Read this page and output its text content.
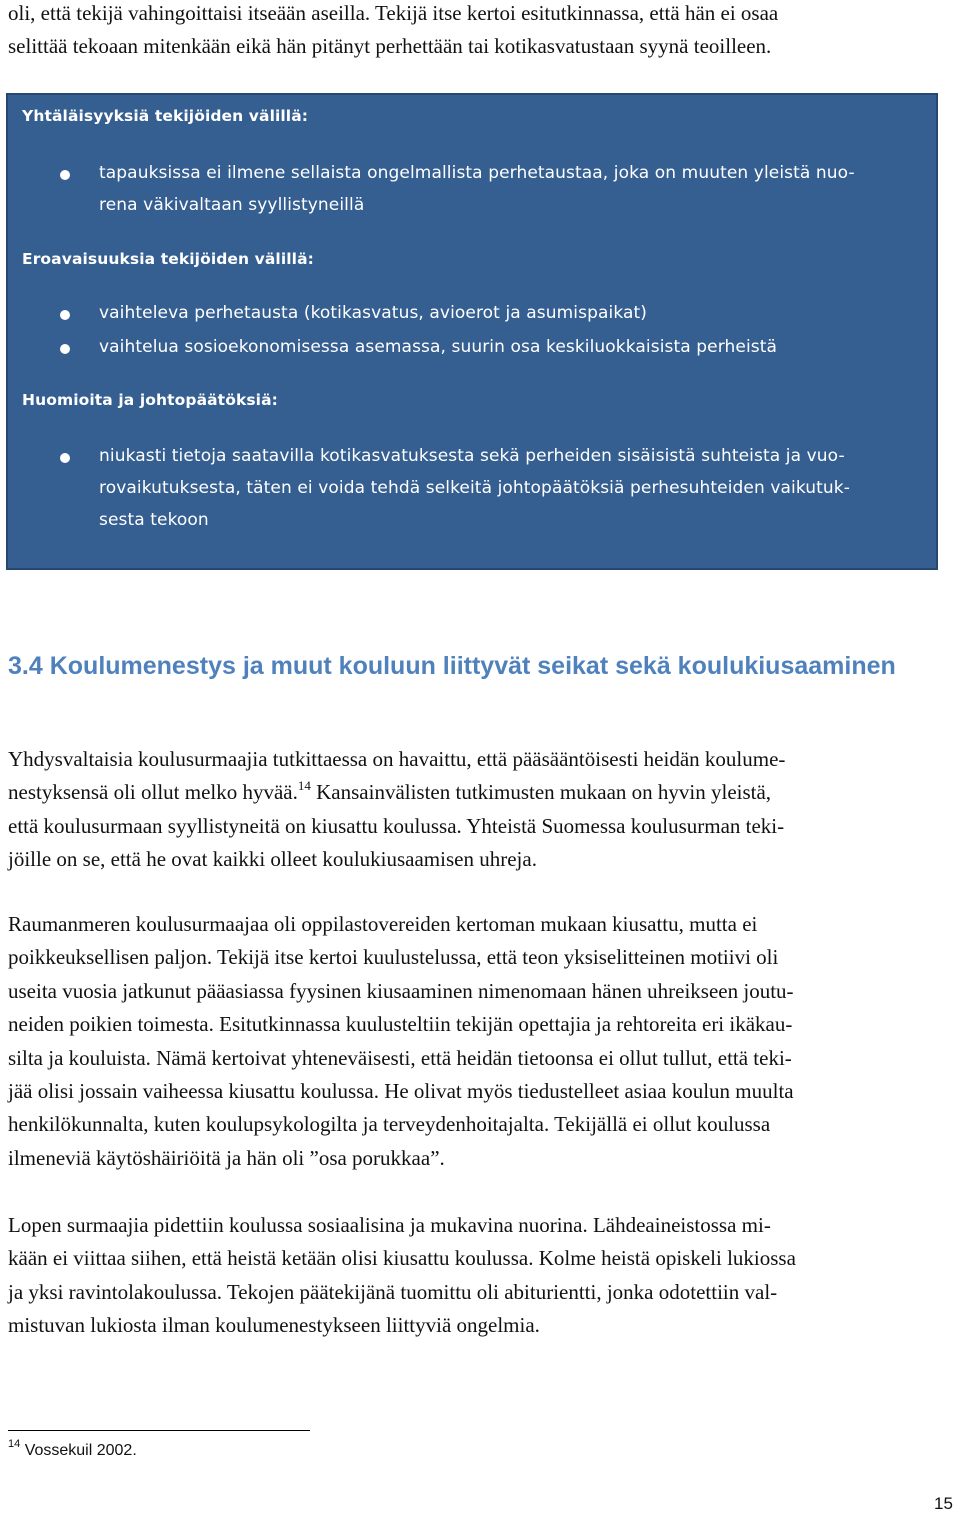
oli, että tekijä vahingoittaisi itseään aseilla. Tekijä itse kertoi esitutkinnassa, että hän ei osaa
selittää tekoaan mitenkään eikä hän pitänyt perhettään tai kotikasvatustaan syynä teoilleen.

Yhtäläisyyksiä tekijöiden välillä:
tapauksissa ei ilmene sellaista ongelmallista perhetaustaa, joka on muuten yleistä nuo-
rena väkivaltaan syyllistyneillä
Eroavaisuuksia tekijöiden välillä:
vaihteleva perhetausta (kotikasvatus, avioerot ja asumispaikat)
vaihtelua sosioekonomisessa asemassa, suurin osa keskiluokkaisista perheistä
Huomioita ja johtopäätöksiä:
niukasti tietoja saatavilla kotikasvatuksesta sekä perheiden sisäisistä suhteista ja vuo-
rovaikutuksesta, täten ei voida tehdä selkeitä johtopäätöksiä perhesuhteiden vaikutuk-
sesta tekoon
3.4 Koulumenestys ja muut kouluun liittyvät seikat sekä koulukiusaaminen

Yhdysvaltaisia koulusurmaajia tutkittaessa on havaittu, että pääsääntöisesti heidän koulume-
nestyksensä oli ollut melko hyvää.$^{14}$ Kansainvälisten tutkimusten mukaan on hyvin yleistä,
että koulusurmaan syyllistyneitä on kiusattu koulussa. Yhteistä Suomessa koulusurman teki-
jöille on se, että he ovat kaikki olleet koulukiusaamisen uhreja.

Raumanmeren koulusurmaajaa oli oppilastovereiden kertoman mukaan kiusattu, mutta ei
poikkeuksellisen paljon. Tekijä itse kertoi kuulustelussa, että teon yksiselitteinen motiivi oli
useita vuosia jatkunut pääasiassa fyysinen kiusaaminen nimenomaan hänen uhreikseen joutu-
neiden poikien toimesta. Esitutkinnassa kuulusteltiin tekijän opettajia ja rehtoreita eri ikäkau-
silta ja kouluista. Nämä kertoivat yhteneväisesti, että heidän tietoonsa ei ollut tullut, että teki-
jää olisi jossain vaiheessa kiusattu koulussa. He olivat myös tiedustelleet asiaa koulun muulta
henkilökunnalta, kuten koulupsykologilta ja terveydenhoitajalta. Tekijällä ei ollut koulussa
ilmeneviä käytöshäiriöitä ja hän oli ”osa porukkaa”.

Lopen surmaajia pidettiin koulussa sosiaalisina ja mukavina nuorina. Lähdeaineistossa mi-
kään ei viittaa siihen, että heistä ketään olisi kiusattu koulussa. Kolme heistä opiskeli lukiossa
ja yksi ravintolakoulussa. Tekojen päätekijänä tuomittu oli abiturientti, jonka odotettiin val-
mistuvan lukiosta ilman koulumenestykseen liittyviä ongelmia.

$^{14}$ Vossekuil 2002.
15
